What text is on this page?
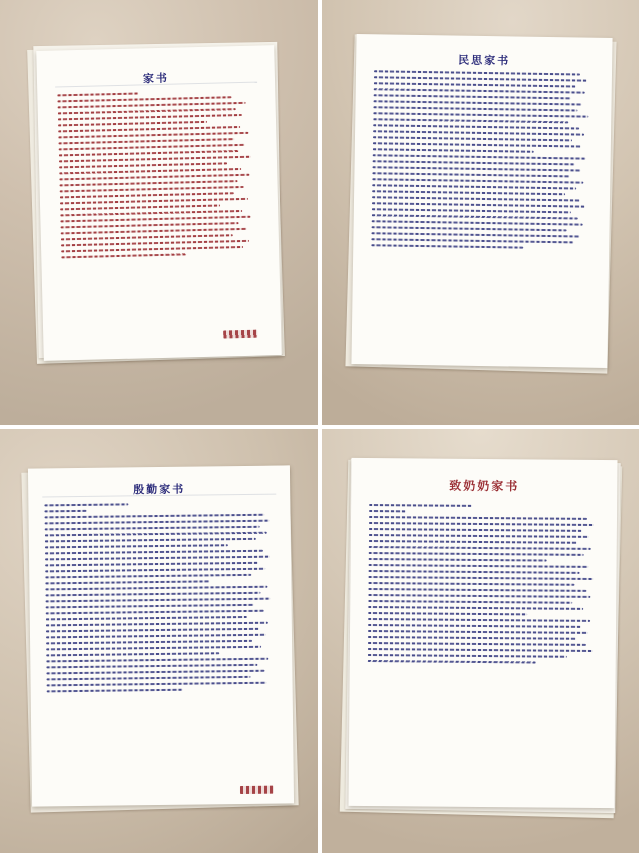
家书
民思家书
殷勤家书	致奶奶家书
